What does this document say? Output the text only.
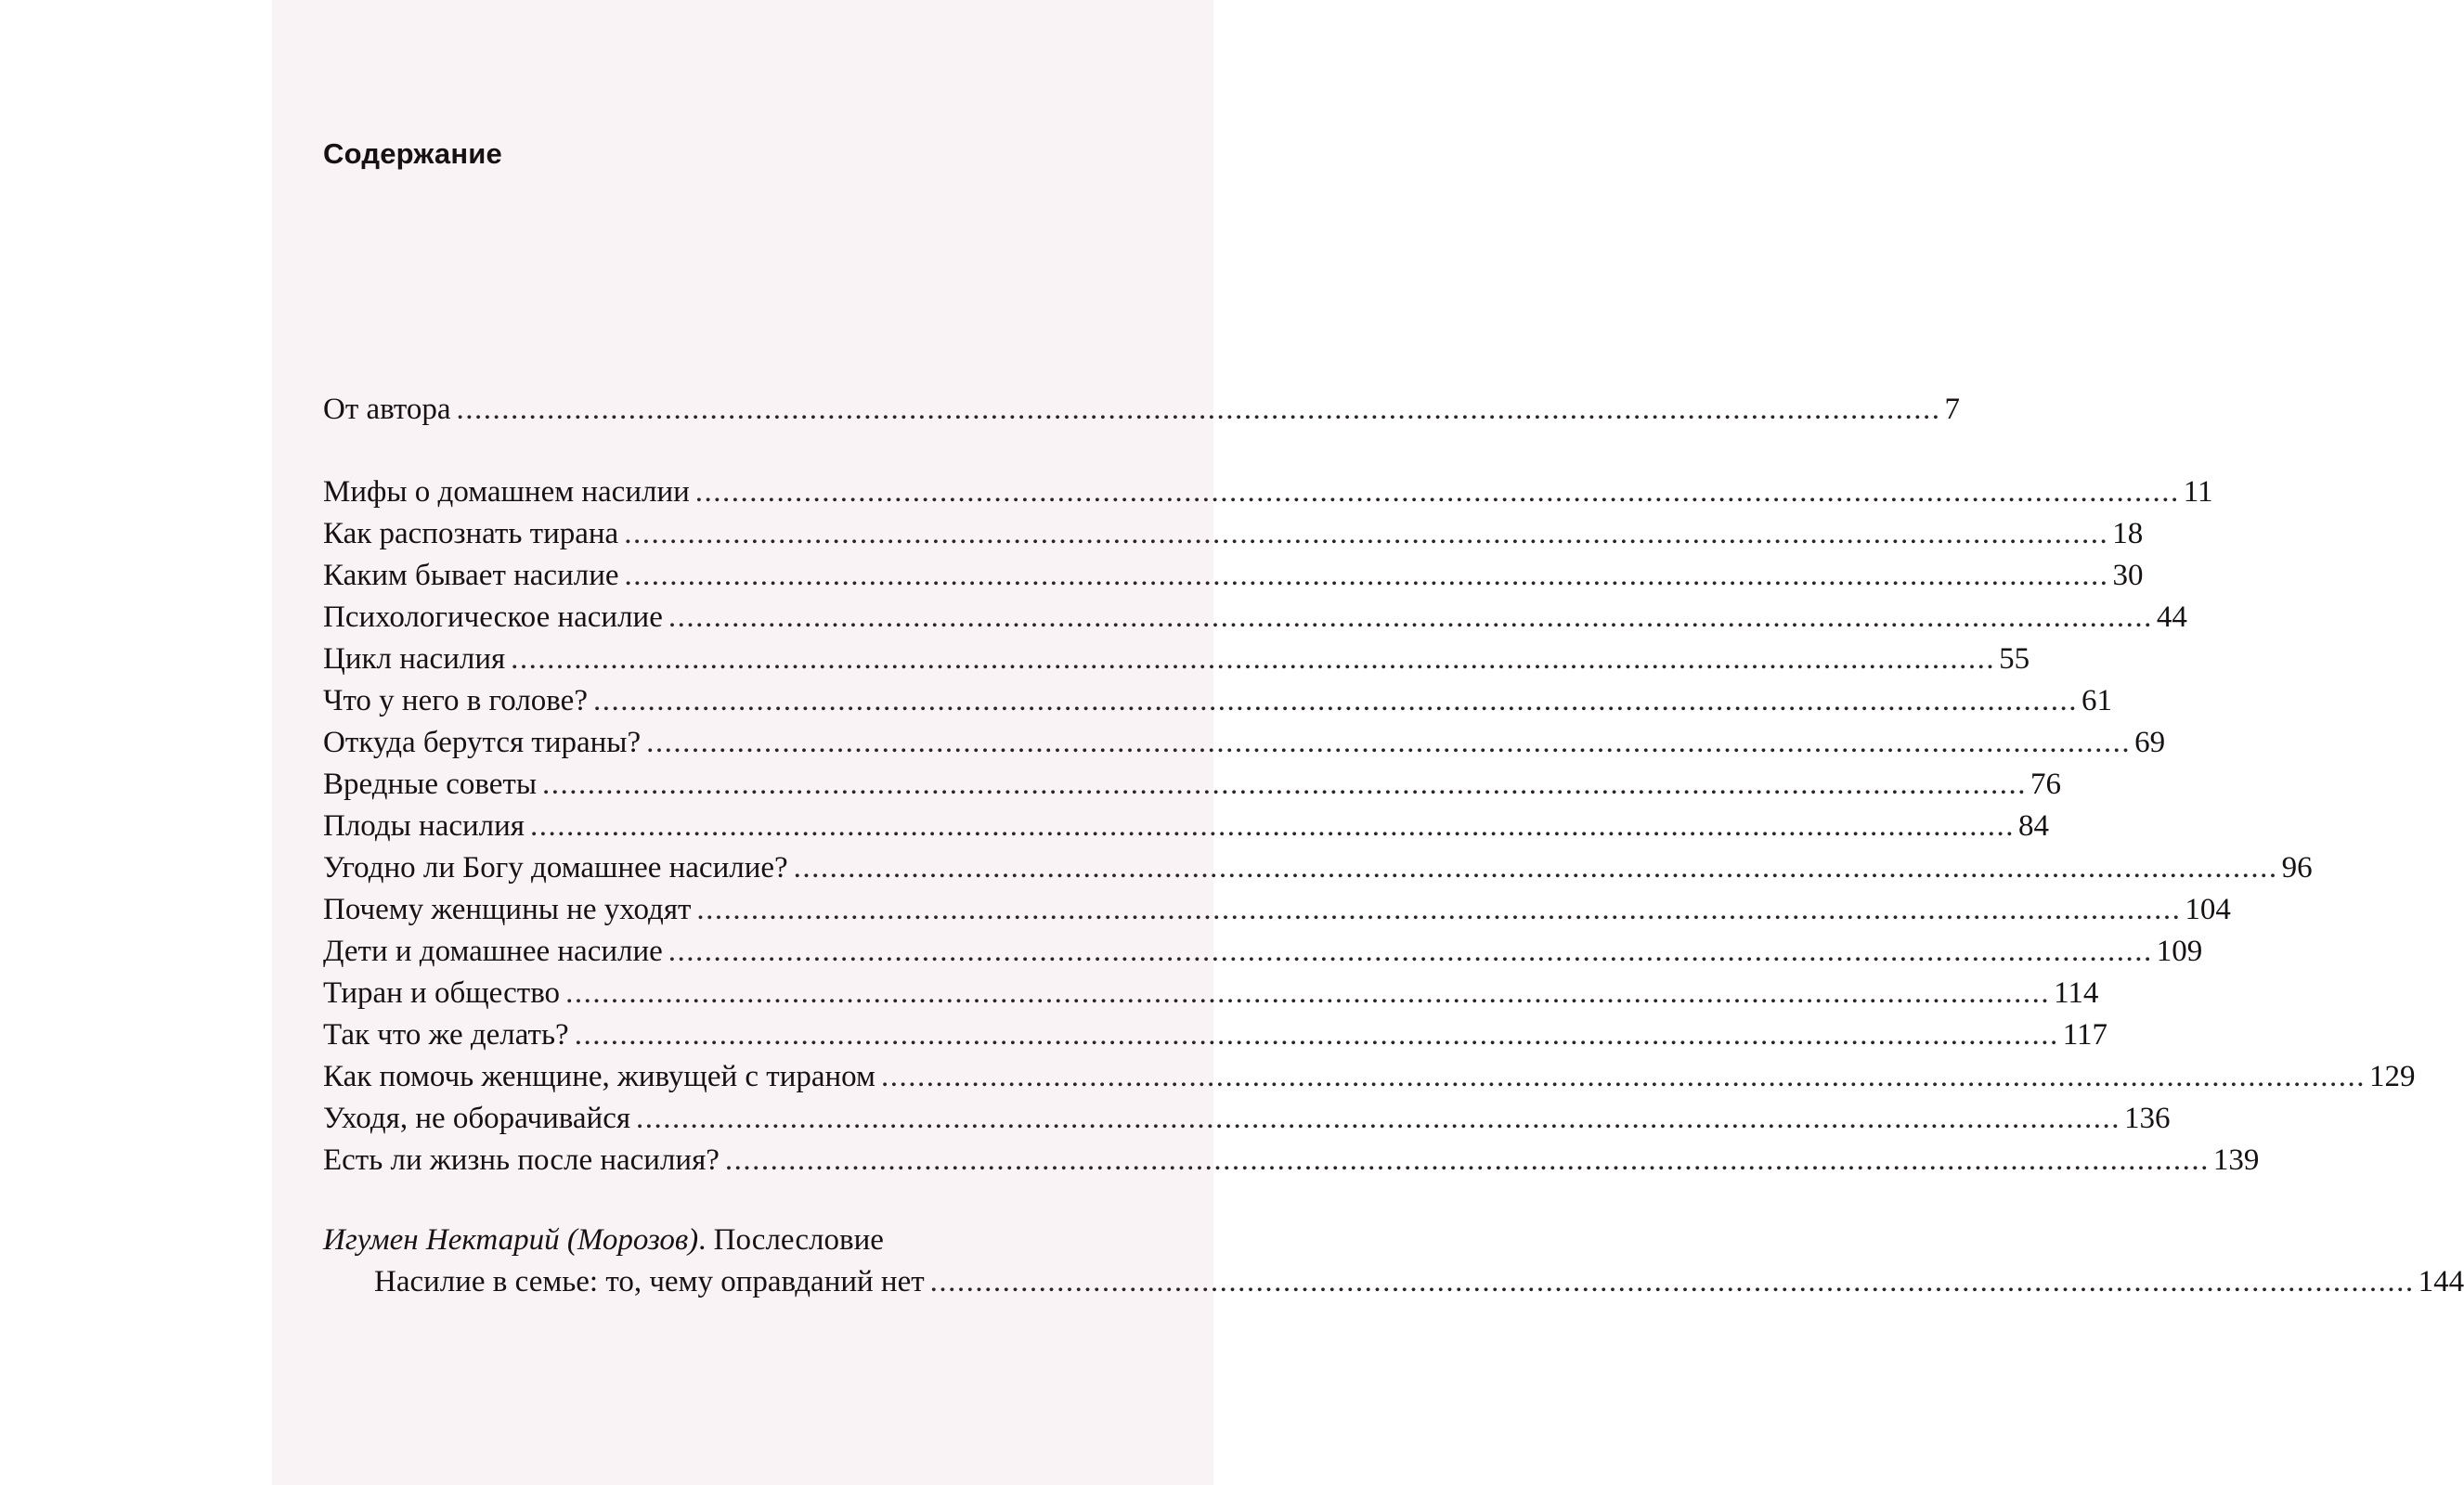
Содержание
От автора .................................................................................................................................................................... 7
Мифы о домашнем насилии .................................................................................................................................................................... 11
Как распознать тирана .................................................................................................................................................................... 18
Каким бывает насилие .................................................................................................................................................................... 30
Психологическое насилие .................................................................................................................................................................... 44
Цикл насилия .................................................................................................................................................................... 55
Что у него в голове? .................................................................................................................................................................... 61
Откуда берутся тираны? .................................................................................................................................................................... 69
Вредные советы .................................................................................................................................................................... 76
Плоды насилия .................................................................................................................................................................... 84
Угодно ли Богу домашнее насилие? .................................................................................................................................................................... 96
Почему женщины не уходят .................................................................................................................................................................... 104
Дети и домашнее насилие .................................................................................................................................................................... 109
Тиран и общество .................................................................................................................................................................... 114
Так что же делать? .................................................................................................................................................................... 117
Как помочь женщине, живущей с тираном .................................................................................................................................................................... 129
Уходя, не оборачивайся .................................................................................................................................................................... 136
Есть ли жизнь после насилия? .................................................................................................................................................................... 139
Игумен Нектарий (Морозов). Послесловие
Насилие в семье: то, чему оправданий нет .................................................................................................................................................................... 144
